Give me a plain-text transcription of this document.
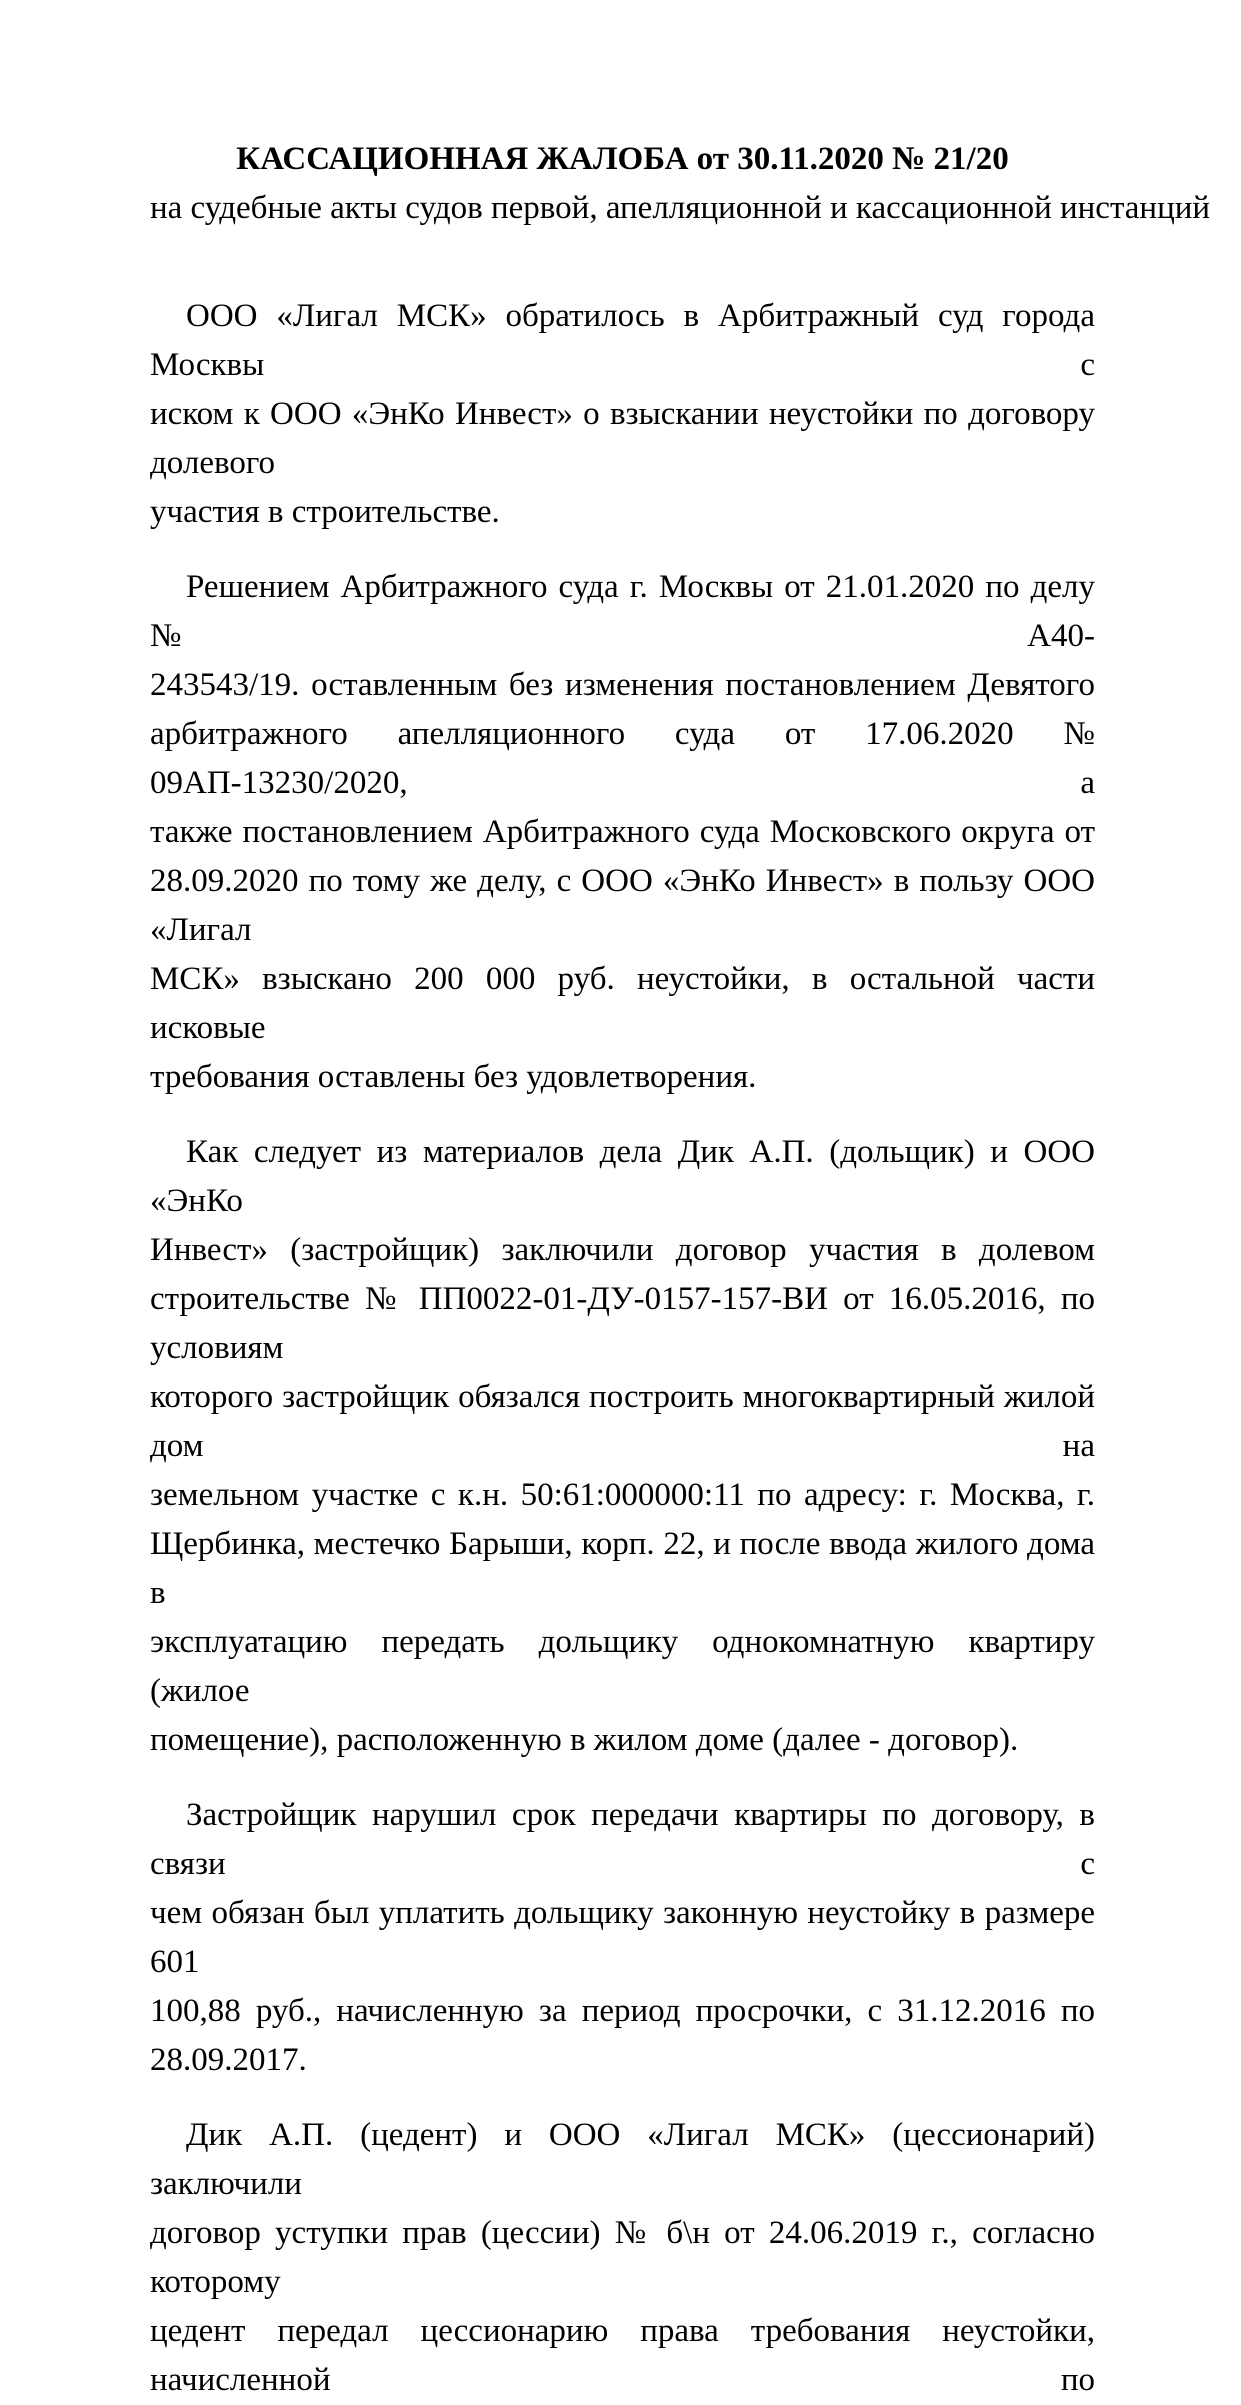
КАССАЦИОННАЯ ЖАЛОБА от 30.11.2020 № 21/20
на судебные акты судов первой, апелляционной и кассационной инстанций
ООО «Лигал МСК» обратилось в Арбитражный суд города Москвы с
иском к ООО «ЭнКо Инвест» о взыскании неустойки по договору долевого
участия в строительстве.
Решением Арбитражного суда г. Москвы от 21.01.2020 по делу № А40-
243543/19. оставленным без изменения постановлением Девятого
арбитражного апелляционного суда от 17.06.2020 № 09АП-13230/2020, а
также постановлением Арбитражного суда Московского округа от
28.09.2020 по тому же делу, с ООО «ЭнКо Инвест» в пользу ООО «Лигал
МСК» взыскано 200 000 руб. неустойки, в остальной части исковые
требования оставлены без удовлетворения.
Как следует из материалов дела Дик А.П. (дольщик) и ООО «ЭнКо
Инвест» (застройщик) заключили договор участия в долевом
строительстве № ПП0022-01-ДУ-0157-157-ВИ от 16.05.2016, по условиям
которого застройщик обязался построить многоквартирный жилой дом на
земельном участке с к.н. 50:61:000000:11 по адресу: г. Москва, г.
Щербинка, местечко Барыши, корп. 22, и после ввода жилого дома в
эксплуатацию передать дольщику однокомнатную квартиру (жилое
помещение), расположенную в жилом доме (далее - договор).
Застройщик нарушил срок передачи квартиры по договору, в связи с
чем обязан был уплатить дольщику законную неустойку в размере 601
100,88 руб., начисленную за период просрочки, с 31.12.2016 по 28.09.2017.
Дик А.П. (цедент) и ООО «Лигал МСК» (цессионарий) заключили
договор уступки прав (цессии) № б\н от 24.06.2019 г., согласно которому
цедент передал цессионарию права требования неустойки, начисленной по
